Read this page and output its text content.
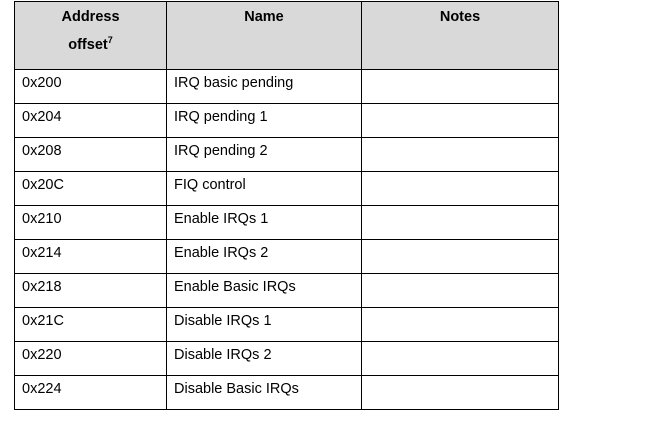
Address
offset$^7$	Name	Notes
0x200	IRQ basic pending	
0x204	IRQ pending 1	
0x208	IRQ pending 2	
0x20C	FIQ control	
0x210	Enable IRQs 1	
0x214	Enable IRQs 2	
0x218	Enable Basic IRQs	
0x21C	Disable IRQs 1	
0x220	Disable IRQs 2	
0x224	Disable Basic IRQs	
